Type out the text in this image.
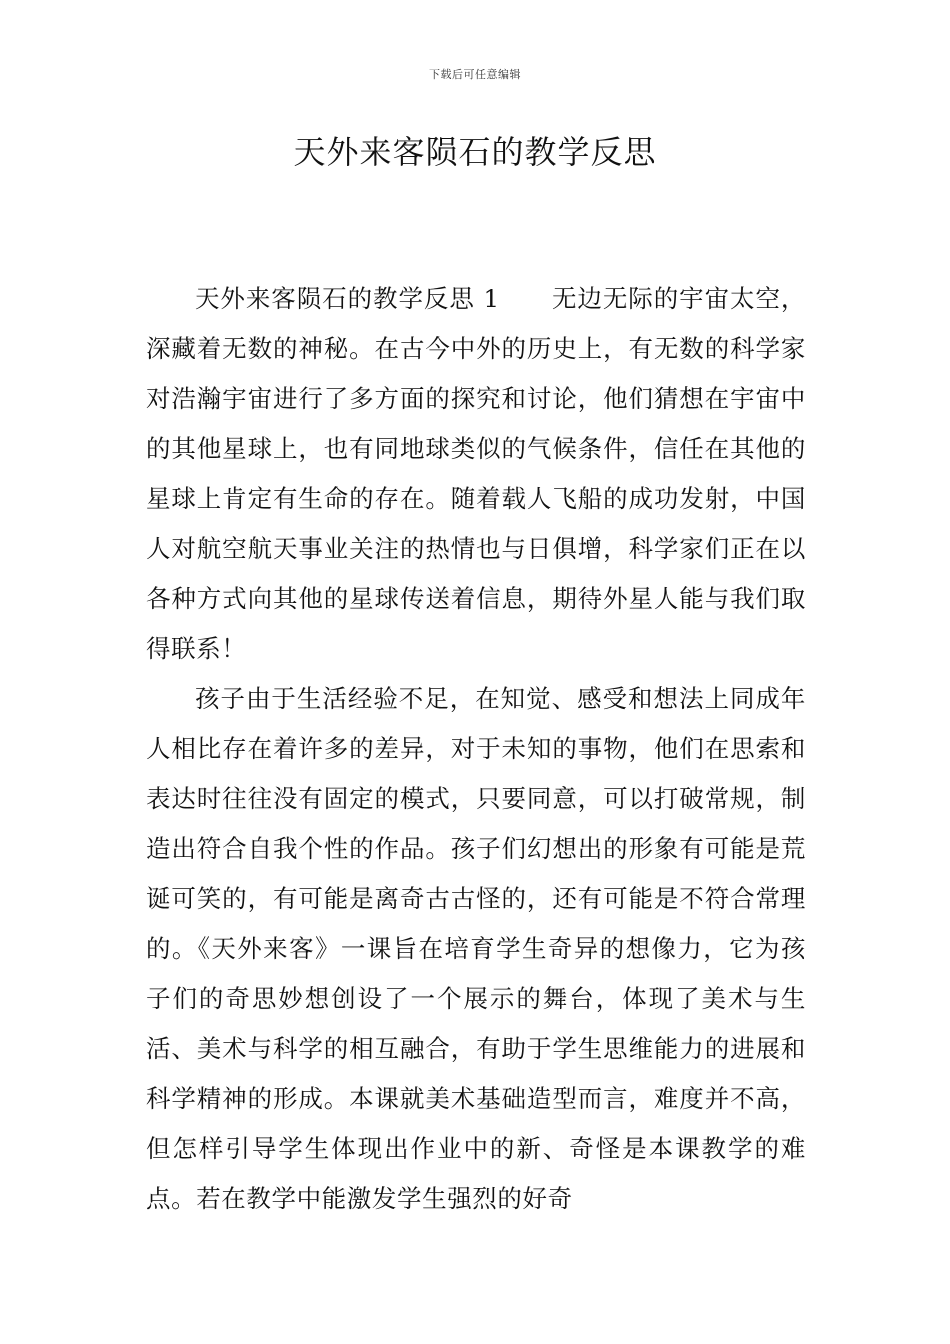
下载后可任意编辑
天外来客陨石的教学反思

天外来客陨石的教学反思 1 无边无际的宇宙太空，深藏着无数的神秘。在古今中外的历史上，有无数的科学家对浩瀚宇宙进行了多方面的探究和讨论，他们猜想在宇宙中的其他星球上，也有同地球类似的气候条件，信任在其他的星球上肯定有生命的存在。随着载人飞船的成功发射，中国人对航空航天事业关注的热情也与日俱增，科学家们正在以各种方式向其他的星球传送着信息，期待外星人能与我们取得联系！

孩子由于生活经验不足，在知觉、感受和想法上同成年人相比存在着许多的差异，对于未知的事物，他们在思索和表达时往往没有固定的模式，只要同意，可以打破常规，制造出符合自我个性的作品。孩子们幻想出的形象有可能是荒诞可笑的，有可能是离奇古古怪的，还有可能是不符合常理的。《天外来客》一课旨在培育学生奇异的想像力，它为孩子们的奇思妙想创设了一个展示的舞台，体现了美术与生活、美术与科学的相互融合，有助于学生思维能力的进展和科学精神的形成。本课就美术基础造型而言，难度并不高，但怎样引导学生体现出作业中的新、奇怪是本课教学的难点。若在教学中能激发学生强烈的好奇
